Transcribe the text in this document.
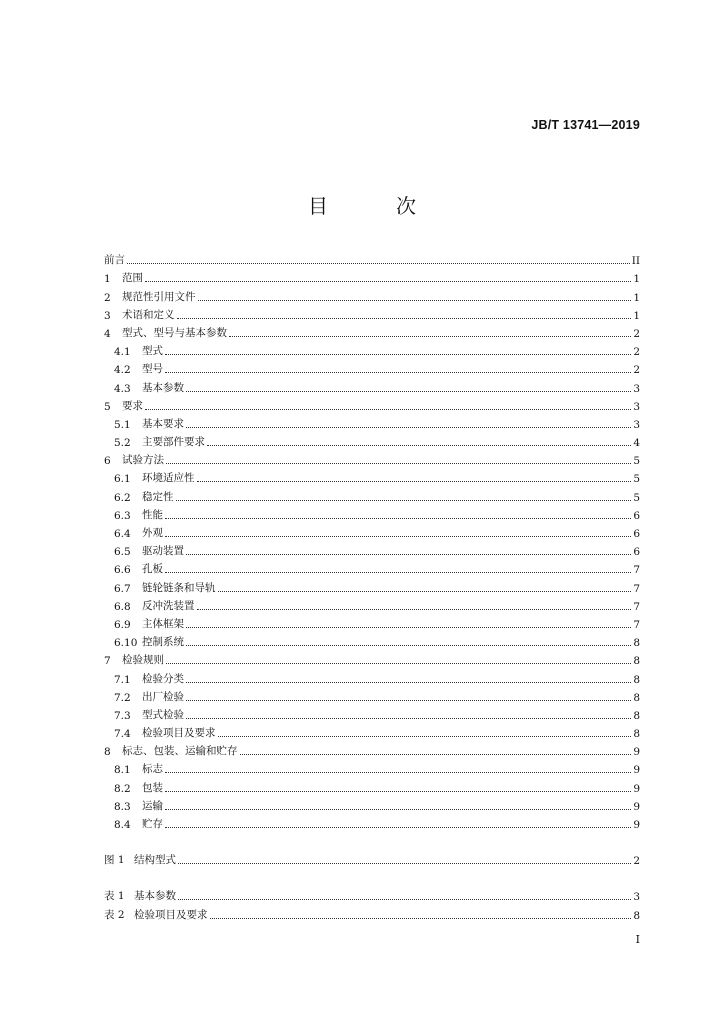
JB/T 13741—2019
目　次
前言	II
1	范围	1
2	规范性引用文件	1
3	术语和定义	1
4	型式、型号与基本参数	2
4.1	型式	2
4.2	型号	2
4.3	基本参数	3
5	要求	3
5.1	基本要求	3
5.2	主要部件要求	4
6	试验方法	5
6.1	环境适应性	5
6.2	稳定性	5
6.3	性能	6
6.4	外观	6
6.5	驱动装置	6
6.6	孔板	7
6.7	链轮链条和导轨	7
6.8	反冲洗装置	7
6.9	主体框架	7
6.10 控制系统	8
7	检验规则	8
7.1	检验分类	8
7.2	出厂检验	8
7.3	型式检验	8
7.4	检验项目及要求	8
8	标志、包装、运输和贮存	9
8.1	标志	9
8.2	包装	9
8.3	运输	9
8.4	贮存	9
图 1 结构型式	2
表 1 基本参数	3
表 2 检验项目及要求	8
I
